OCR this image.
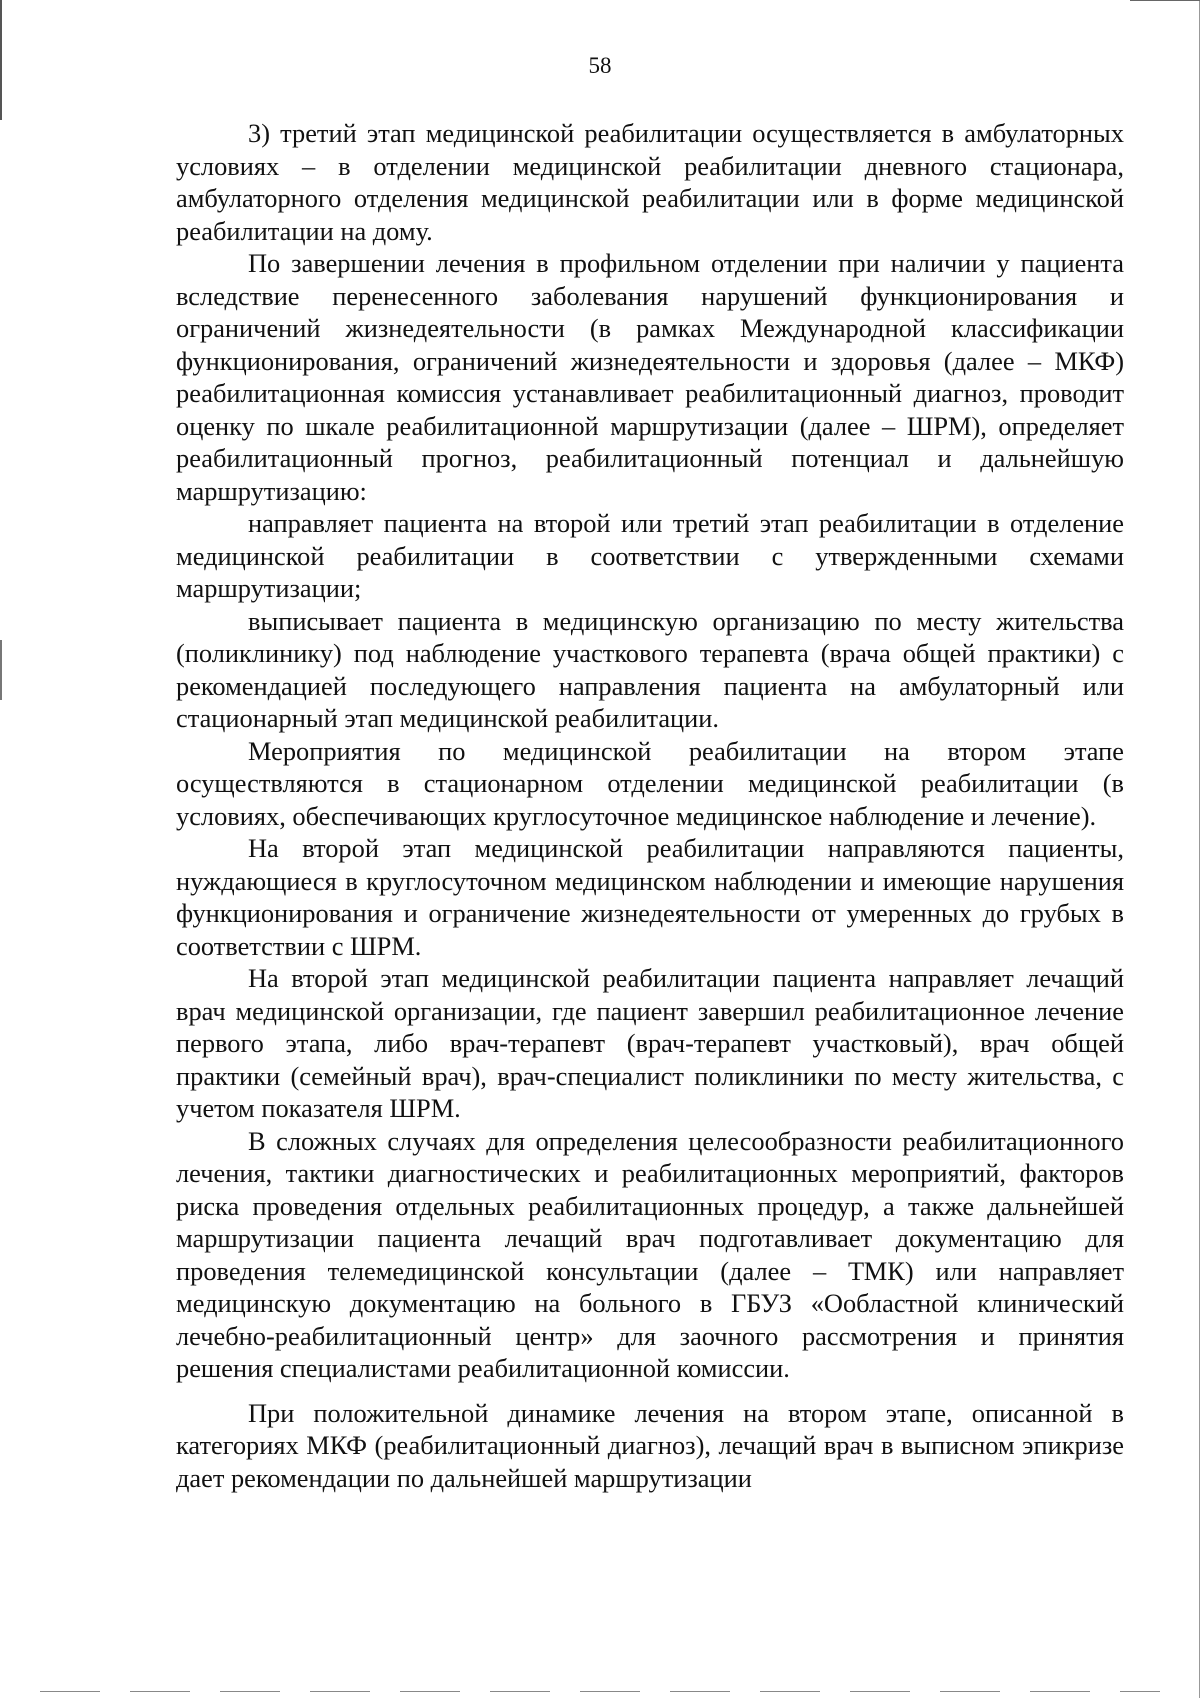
58

3) третий этап медицинской реабилитации осуществляется в амбулаторных условиях – в отделении медицинской реабилитации дневного стационара, амбулаторного отделения медицинской реабилитации или в форме медицинской реабилитации на дому.

По завершении лечения в профильном отделении при наличии у пациента вследствие перенесенного заболевания нарушений функционирования и ограничений жизнедеятельности (в рамках Международной классификации функционирования, ограничений жизнедеятельности и здоровья (далее – МКФ) реабилитационная комиссия устанавливает реабилитационный диагноз, проводит оценку по шкале реабилитационной маршрутизации (далее – ШРМ), определяет реабилитационный прогноз, реабилитационный потенциал и дальнейшую маршрутизацию:

направляет пациента на второй или третий этап реабилитации в отделение медицинской реабилитации в соответствии с утвержденными схемами маршрутизации;

выписывает пациента в медицинскую организацию по месту жительства (поликлинику) под наблюдение участкового терапевта (врача общей практики) с рекомендацией последующего направления пациента на амбулаторный или стационарный этап медицинской реабилитации.

Мероприятия по медицинской реабилитации на втором этапе осуществляются в стационарном отделении медицинской реабилитации (в условиях, обеспечивающих круглосуточное медицинское наблюдение и лечение).

На второй этап медицинской реабилитации направляются пациенты, нуждающиеся в круглосуточном медицинском наблюдении и имеющие нарушения функционирования и ограничение жизнедеятельности от умеренных до грубых в соответствии с ШРМ.

На второй этап медицинской реабилитации пациента направляет лечащий врач медицинской организации, где пациент завершил реабилитационное лечение первого этапа, либо врач-терапевт (врач-терапевт участковый), врач общей практики (семейный врач), врач-специалист поликлиники по месту жительства, с учетом показателя ШРМ.

В сложных случаях для определения целесообразности реабилитационного лечения, тактики диагностических и реабилитационных мероприятий, факторов риска проведения отдельных реабилитационных процедур, а также дальнейшей маршрутизации пациента лечащий врач подготавливает документацию для проведения телемедицинской консультации (далее – ТМК) или направляет медицинскую документацию на больного в ГБУЗ «Ообластной клинический лечебно-реабилитационный центр» для заочного рассмотрения и принятия решения специалистами реабилитационной комиссии.

При положительной динамике лечения на втором этапе, описанной в категориях МКФ (реабилитационный диагноз), лечащий врач в выписном эпикризе дает рекомендации по дальнейшей маршрутизации
